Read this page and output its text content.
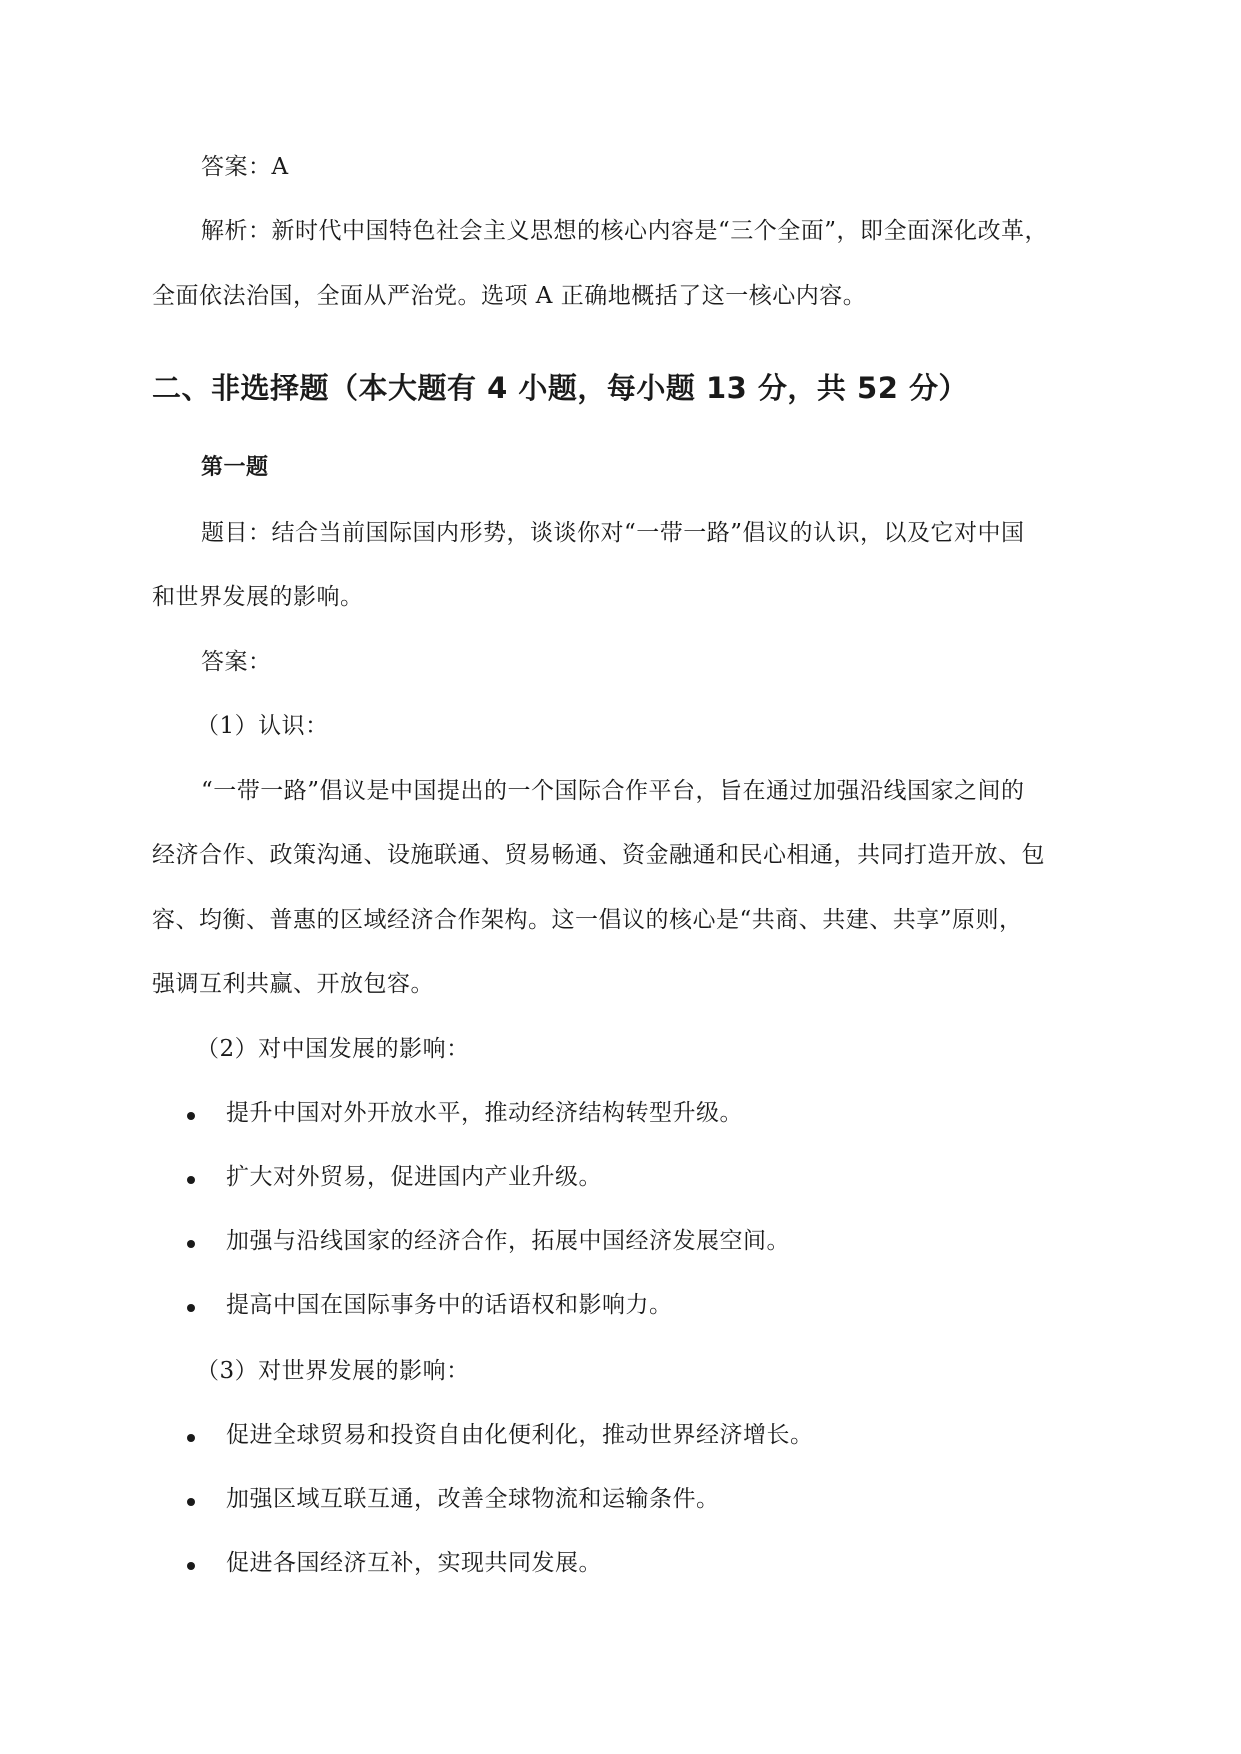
答案：A
解析：新时代中国特色社会主义思想的核心内容是“三个全面”，即全面深化改革，
全面依法治国，全面从严治党。选项 A 正确地概括了这一核心内容。
二、非选择题（本大题有 4 小题，每小题 13 分，共 52 分）
第一题
题目：结合当前国际国内形势，谈谈你对“一带一路”倡议的认识，以及它对中国
和世界发展的影响。
答案：
（1）认识：
“一带一路”倡议是中国提出的一个国际合作平台，旨在通过加强沿线国家之间的
经济合作、政策沟通、设施联通、贸易畅通、资金融通和民心相通，共同打造开放、包
容、均衡、普惠的区域经济合作架构。这一倡议的核心是“共商、共建、共享”原则，
强调互利共赢、开放包容。
（2）对中国发展的影响：
提升中国对外开放水平，推动经济结构转型升级。
扩大对外贸易，促进国内产业升级。
加强与沿线国家的经济合作，拓展中国经济发展空间。
提高中国在国际事务中的话语权和影响力。
（3）对世界发展的影响：
促进全球贸易和投资自由化便利化，推动世界经济增长。
加强区域互联互通，改善全球物流和运输条件。
促进各国经济互补，实现共同发展。
